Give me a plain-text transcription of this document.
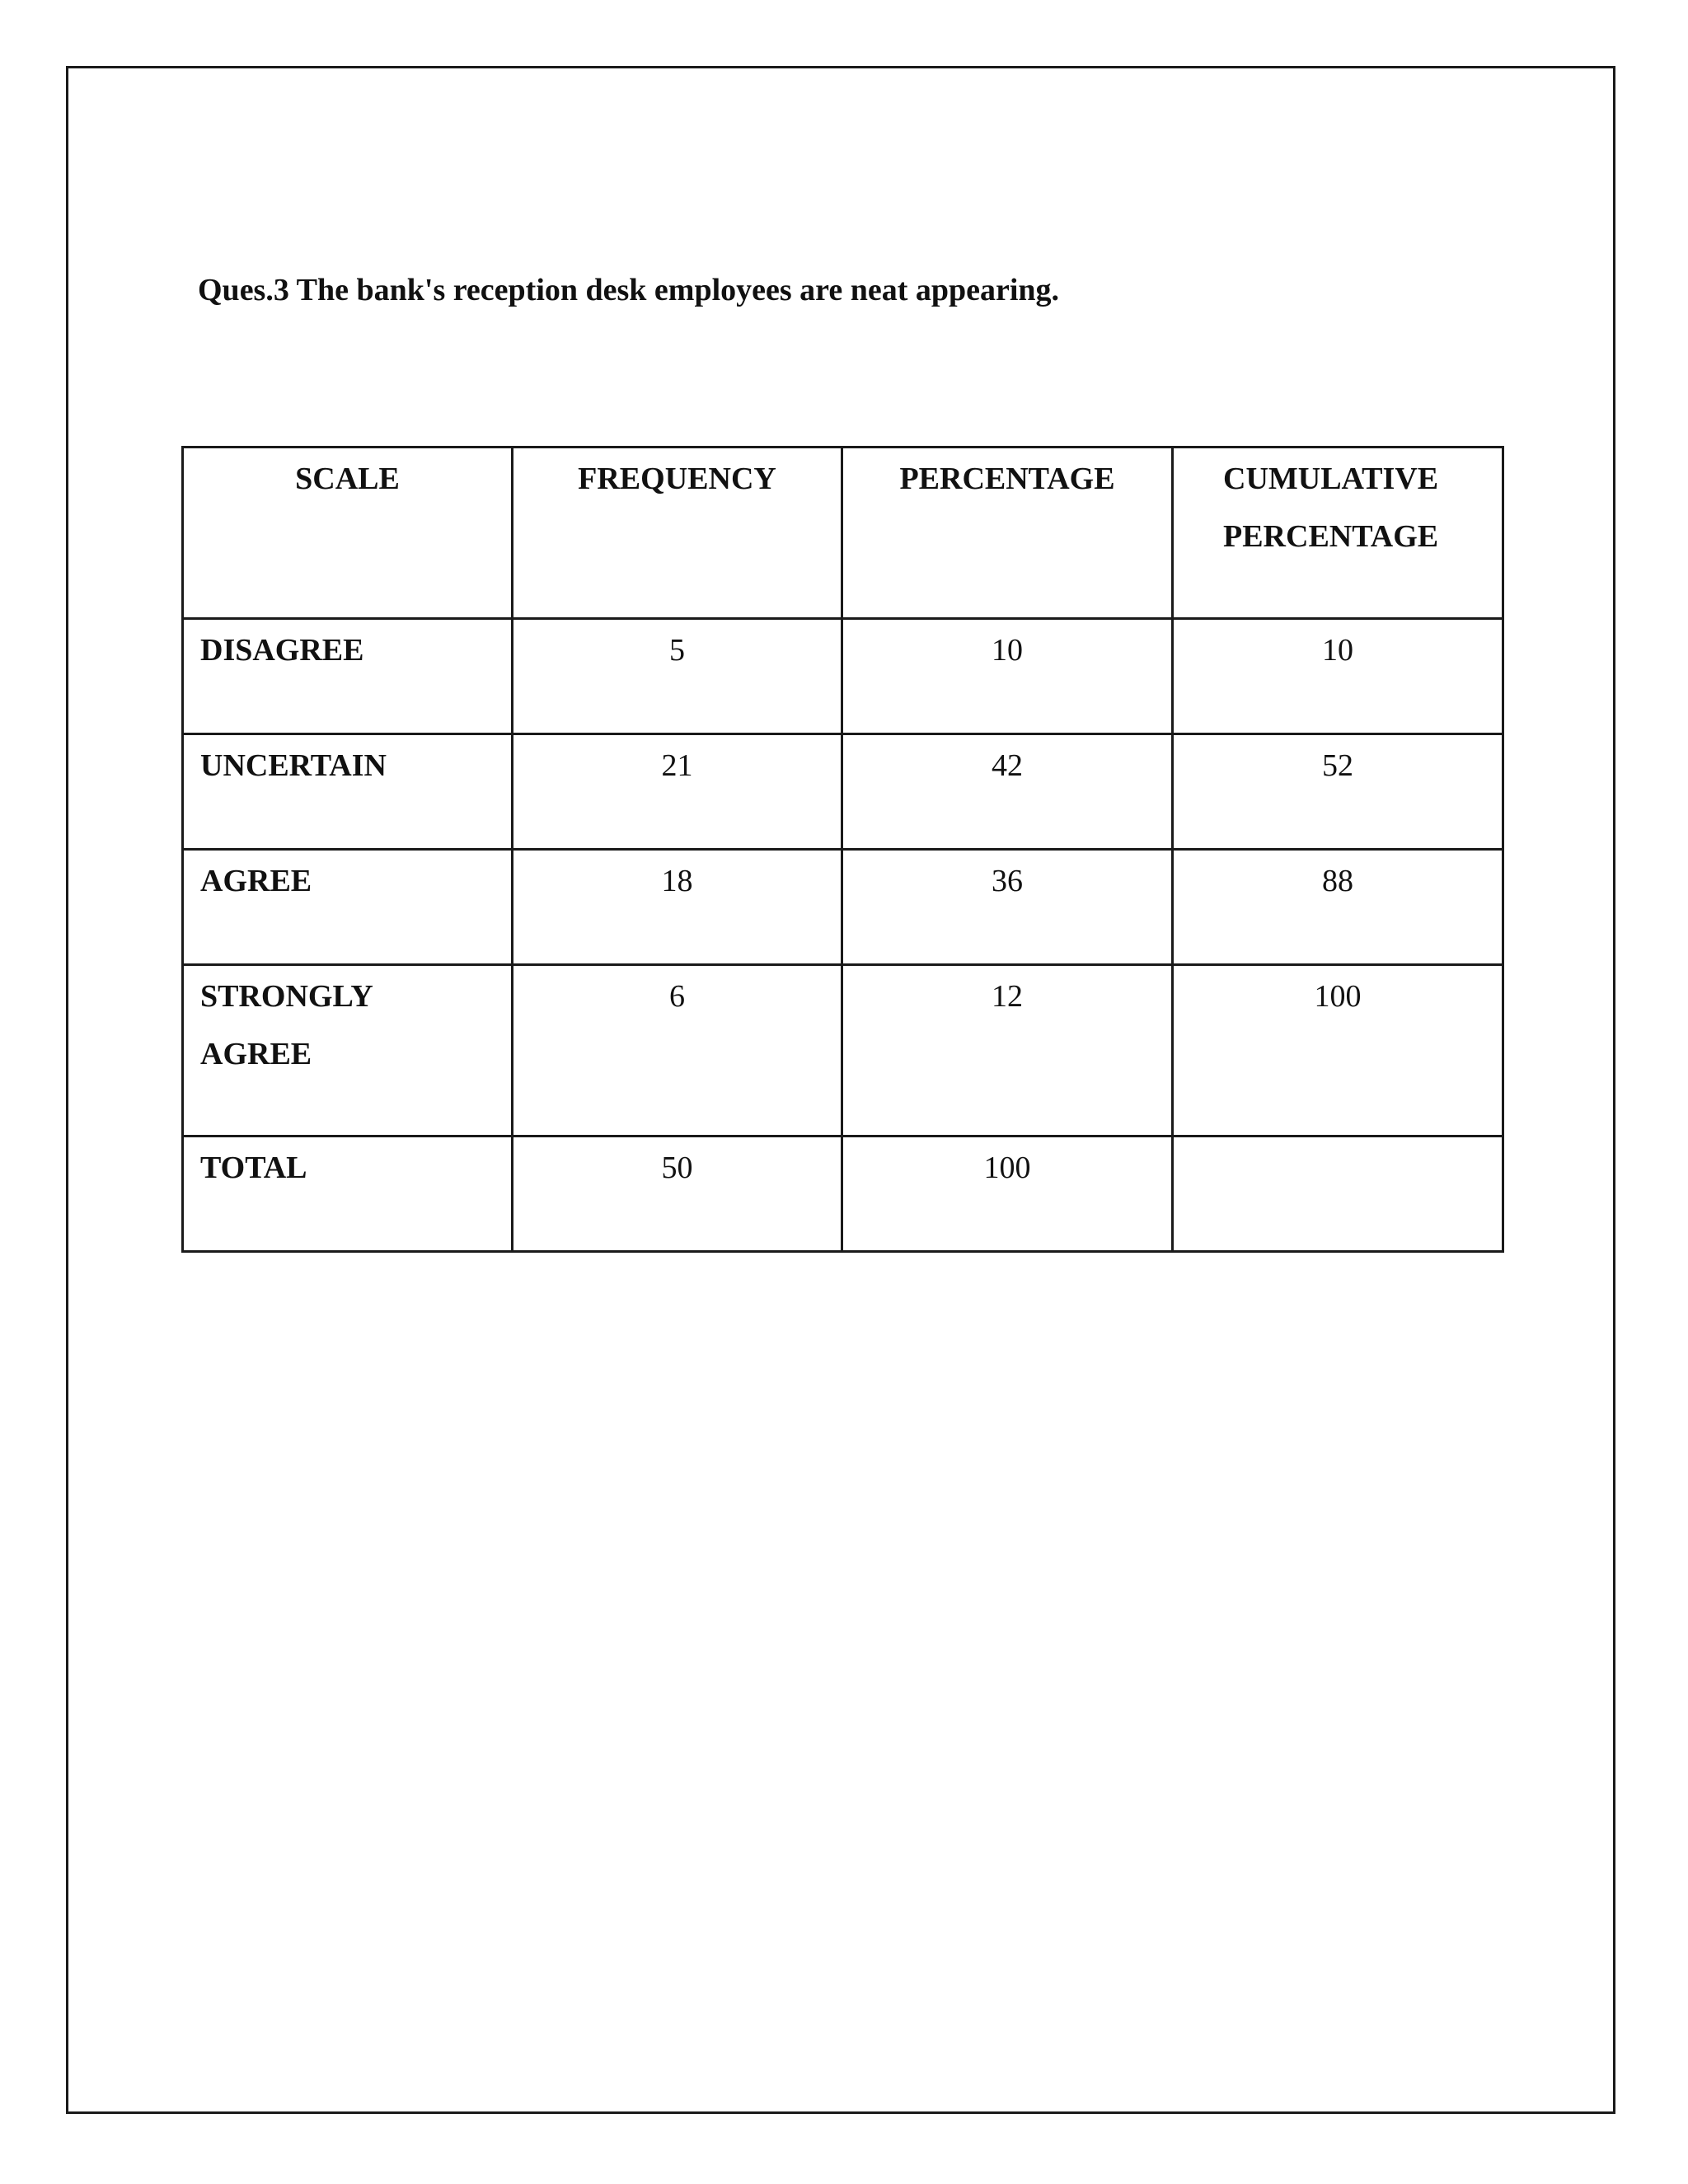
Ques.3 The bank's reception desk employees are neat appearing.
SCALE	FREQUENCY	PERCENTAGE	CUMULATIVE
PERCENTAGE

DISAGREE	5	10	10
UNCERTAIN	21	42	52
AGREE	18	36	88

STRONGLY
AGREE	6	12	100
TOTAL	50	100	
